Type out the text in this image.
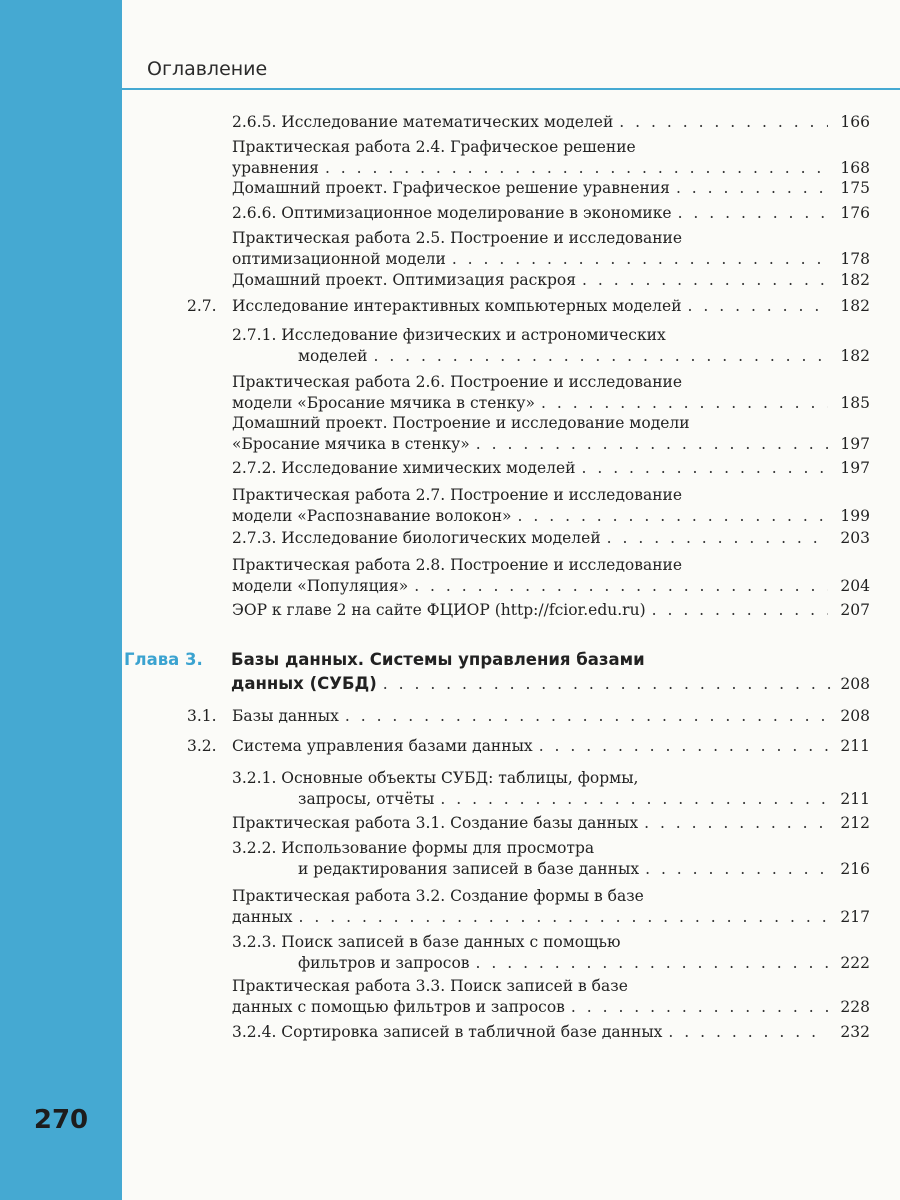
Оглавление
270
2.6.5. Исследование математических моделей . . .	166
Практическая работа 2.4. Графическое решение
уравнения . . .	168
Домашний проект. Графическое решение уравнения . . .	175
2.6.6. Оптимизационное моделирование в экономике . . .	176
Практическая работа 2.5. Построение и исследование
оптимизационной модели . . .	178
Домашний проект. Оптимизация раскроя . . .	182
2.7. Исследование интерактивных компьютерных моделей . . .	182
2.7.1. Исследование физических и астрономических
моделей . . .	182
Практическая работа 2.6. Построение и исследование
модели «Бросание мячика в стенку» . . .	185
Домашний проект. Построение и исследование модели
«Бросание мячика в стенку» . . .	197
2.7.2. Исследование химических моделей . . .	197
Практическая работа 2.7. Построение и исследование
модели «Распознавание волокон» . . .	199
2.7.3. Исследование биологических моделей . . .	203
Практическая работа 2.8. Построение и исследование
модели «Популяция» . . .	204
ЭОР к главе 2 на сайте ФЦИОР (http://fcior.edu.ru) . . .	207
Глава 3. Базы данных. Системы управления базами
данных (СУБД) . . .	208
3.1. Базы данных . . .	208
3.2. Система управления базами данных . . .	211
3.2.1. Основные объекты СУБД: таблицы, формы,
запросы, отчёты . . .	211
Практическая работа 3.1. Создание базы данных . . .	212
3.2.2. Использование формы для просмотра
и редактирования записей в базе данных . . .	216
Практическая работа 3.2. Создание формы в базе
данных . . .	217
3.2.3. Поиск записей в базе данных с помощью
фильтров и запросов . . .	222
Практическая работа 3.3. Поиск записей в базе
данных с помощью фильтров и запросов . . .	228
3.2.4. Сортировка записей в табличной базе данных . . .	232
